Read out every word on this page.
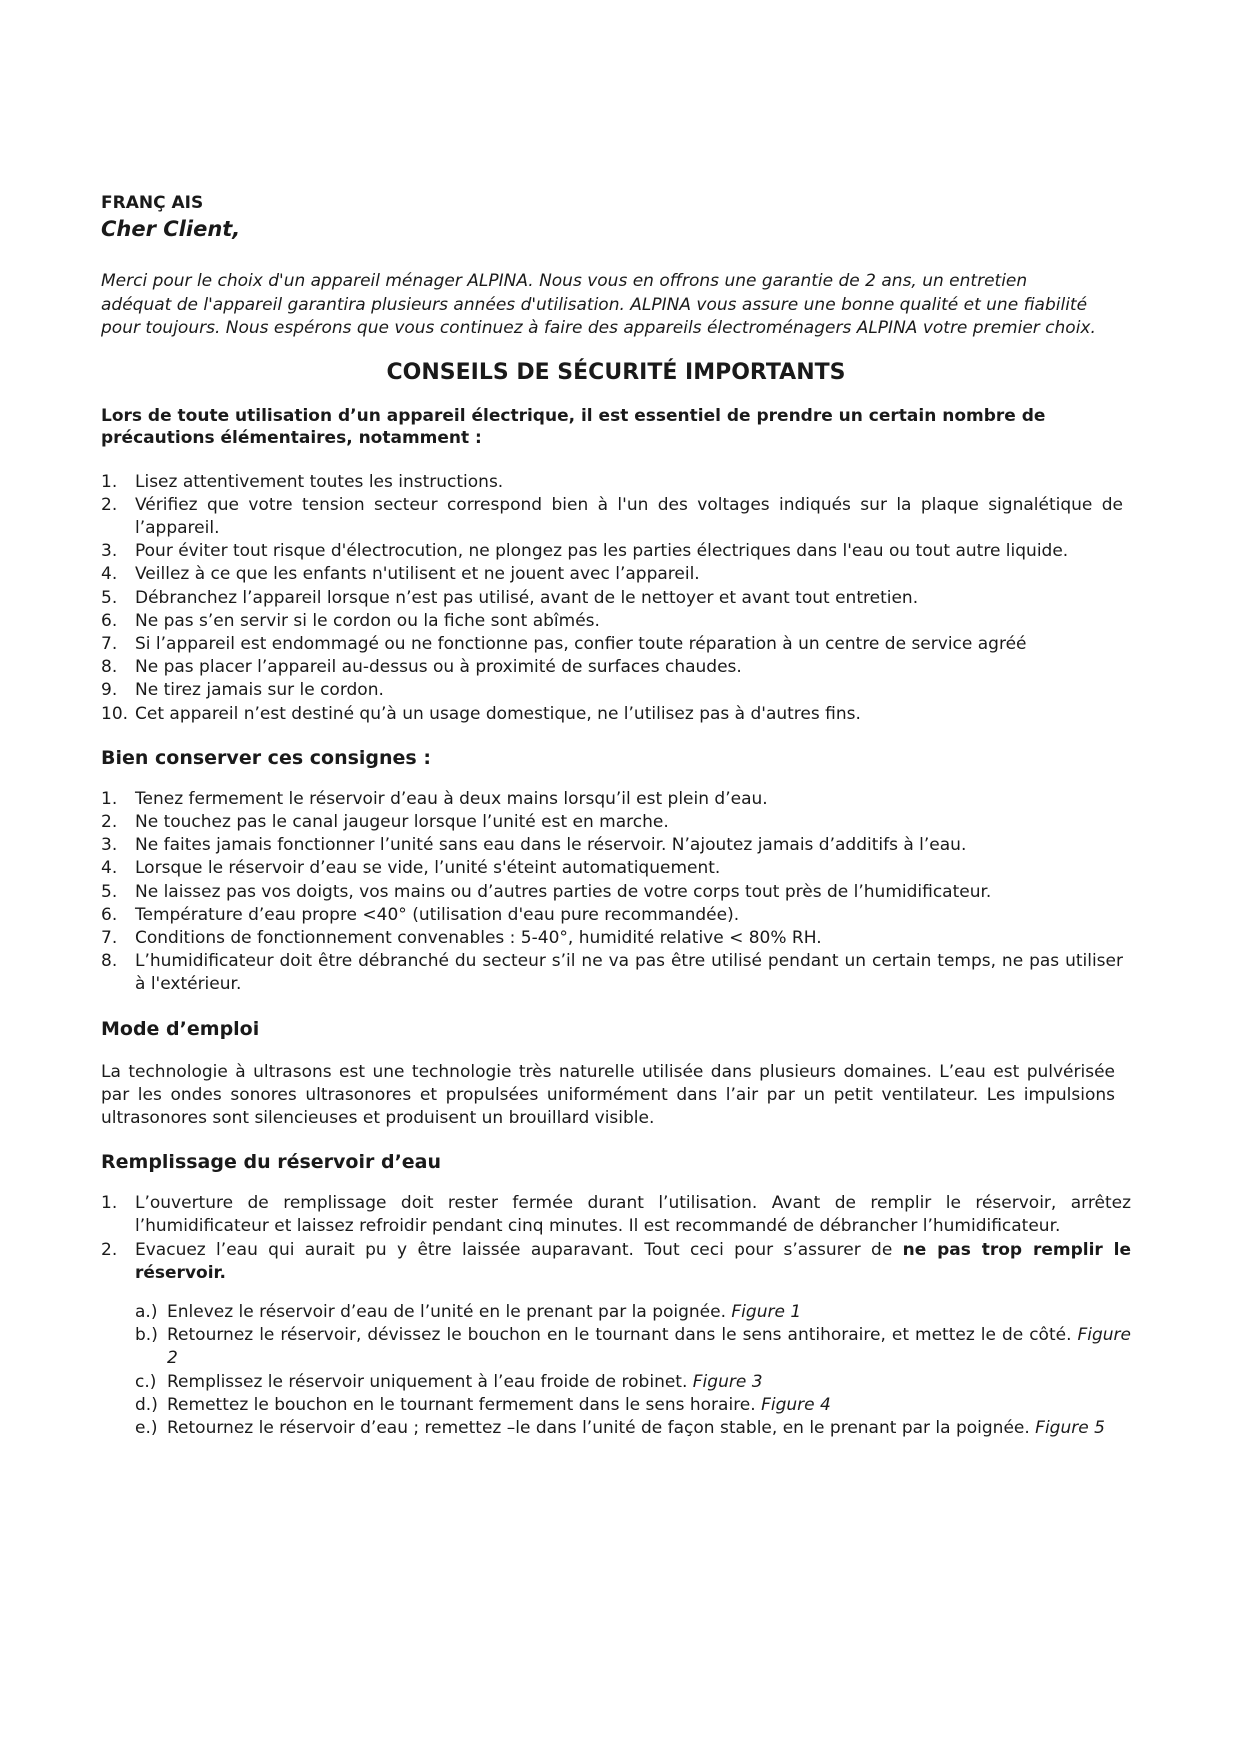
FRANÇ AIS

Cher Client,

Merci pour le choix d'un appareil ménager ALPINA. Nous vous en offrons une garantie de 2 ans, un entretien adéquat de l'appareil garantira plusieurs années d'utilisation. ALPINA vous assure une bonne qualité et une fiabilité pour toujours. Nous espérons que vous continuez à faire des appareils électroménagers ALPINA votre premier choix.

CONSEILS DE SÉCURITÉ IMPORTANTS

Lors de toute utilisation d’un appareil électrique, il est essentiel de prendre un certain nombre de précautions élémentaires, notamment :

1.	Lisez attentivement toutes les instructions.
2.	Vérifiez que votre tension secteur correspond bien à l'un des voltages indiqués sur la plaque signalétique de l’appareil.
3.	Pour éviter tout risque d'électrocution, ne plongez pas les parties électriques dans l'eau ou tout autre liquide.
4.	Veillez à ce que les enfants n'utilisent et ne jouent avec l’appareil.
5.	Débranchez l’appareil lorsque n’est pas utilisé, avant de le nettoyer et avant tout entretien.
6.	Ne pas s’en servir si le cordon ou la fiche sont abîmés.
7.	Si l’appareil est endommagé ou ne fonctionne pas, confier toute réparation à un centre de service agréé
8.	Ne pas placer l’appareil au-dessus ou à proximité de surfaces chaudes.
9.	Ne tirez jamais sur le cordon.
10. Cet appareil n’est destiné qu’à un usage domestique, ne l’utilisez pas à d'autres fins.
Bien conserver ces consignes :
1.	Tenez fermement le réservoir d’eau à deux mains lorsqu’il est plein d’eau.
2.	Ne touchez pas le canal jaugeur lorsque l’unité est en marche.
3.	Ne faites jamais fonctionner l’unité sans eau dans le réservoir. N’ajoutez jamais d’additifs à l’eau.
4.	Lorsque le réservoir d’eau se vide, l’unité s'éteint automatiquement.
5.	Ne laissez pas vos doigts, vos mains ou d’autres parties de votre corps tout près de l’humidificateur.
6.	Température d’eau propre <40° (utilisation d'eau pure recommandée).
7.	Conditions de fonctionnement convenables : 5-40°, humidité relative < 80% RH.
8.	L’humidificateur doit être débranché du secteur s’il ne va pas être utilisé pendant un certain temps, ne pas utiliser à l'extérieur.
Mode d’emploi

La technologie à ultrasons est une technologie très naturelle utilisée dans plusieurs domaines. L’eau est pulvérisée par les ondes sonores ultrasonores et propulsées uniformément dans l’air par un petit ventilateur. Les impulsions ultrasonores sont silencieuses et produisent un brouillard visible.

Remplissage du réservoir d’eau
1.	L’ouverture de remplissage doit rester fermée durant l’utilisation. Avant de remplir le réservoir, arrêtez l’humidificateur et laissez refroidir pendant cinq minutes. Il est recommandé de débrancher l’humidificateur.
2.	Evacuez l’eau qui aurait pu y être laissée auparavant. Tout ceci pour s’assurer de ne pas trop remplir le réservoir.
a.) Enlevez le réservoir d’eau de l’unité en le prenant par la poignée. Figure 1
b.) Retournez le réservoir, dévissez le bouchon en le tournant dans le sens antihoraire, et mettez le de côté. Figure 2
c.) Remplissez le réservoir uniquement à l’eau froide de robinet. Figure 3
d.) Remettez le bouchon en le tournant fermement dans le sens horaire. Figure 4
e.) Retournez le réservoir d’eau ; remettez –le dans l’unité de façon stable, en le prenant par la poignée. Figure 5
